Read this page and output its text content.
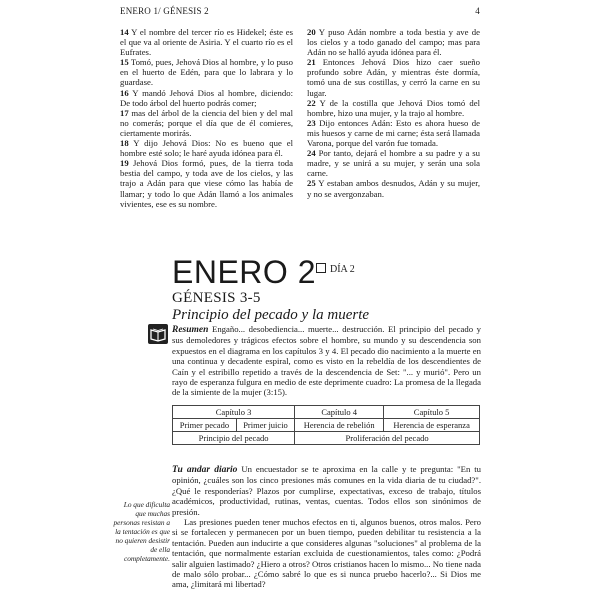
ENERO 1/ GÉNESIS 2	4

14 Y el nombre del tercer río es Hidekel; éste es el que va al oriente de Asiria. Y el cuarto río es el Eufrates.

15 Tomó, pues, Jehová Dios al hombre, y lo puso en el huerto de Edén, para que lo labrara y lo guardase.

16 Y mandó Jehová Dios al hombre, diciendo: De todo árbol del huerto podrás comer;

17 mas del árbol de la ciencia del bien y del mal no comerás; porque el día que de él comieres, ciertamente morirás.

18 Y dijo Jehová Dios: No es bueno que el hombre esté solo; le haré ayuda idónea para él.

19 Jehová Dios formó, pues, de la tierra toda bestia del campo, y toda ave de los cielos, y las trajo a Adán para que viese cómo las había de llamar; y todo lo que Adán llamó a los animales vivientes, ese es su nombre.

20 Y puso Adán nombre a toda bestia y ave de los cielos y a todo ganado del campo; mas para Adán no se halló ayuda idónea para él.

21 Entonces Jehová Dios hizo caer sueño profundo sobre Adán, y mientras éste dormía, tomó una de sus costillas, y cerró la carne en su lugar.

22 Y de la costilla que Jehová Dios tomó del hombre, hizo una mujer, y la trajo al hombre.

23 Dijo entonces Adán: Esto es ahora hueso de mis huesos y carne de mi carne; ésta será llamada Varona, porque del varón fue tomada.

24 Por tanto, dejará el hombre a su padre y a su madre, y se unirá a su mujer, y serán una sola carne.

25 Y estaban ambos desnudos, Adán y su mujer, y no se avergonzaban.

ENERO 2	DÍA 2
GÉNESIS 3-5
Principio del pecado y la muerte
Resumen Engaño... desobediencia... muerte... destrucción. El principio del pecado y sus demoledores y trágicos efectos sobre el hombre, su mundo y su descendencia son expuestos en el diagrama en los capítulos 3 y 4. El pecado dio nacimiento a la muerte en una continua y decadente espiral, como es visto en la rebeldía de los descendientes de Caín y el estribillo repetido a través de la descendencia de Set: "... y murió". Pero un rayo de esperanza fulgura en medio de este deprimente cuadro: La promesa de la llegada de la simiente de la mujer (3:15).
Capítulo 3		Capítulo 4	Capítulo 5
Primer pecado	Primer juicio	Herencia de rebelión	Herencia de esperanza
Principio del pecado		Proliferación del pecado	

Tu andar diario Un encuestador se te aproxima en la calle y te pregunta: "En tu opinión, ¿cuáles son los cinco presiones más comunes en la vida diaria de tu ciudad?". ¿Qué le responderías? Plazos por cumplirse, expectativas, exceso de trabajo, títulos académicos, productividad, rutinas, ventas, cuentas. Todos ellos son sinónimos de presión.

Las presiones pueden tener muchos efectos en ti, algunos buenos, otros malos. Pero si se fortalecen y permanecen por un buen tiempo, pueden debilitar tu resistencia a la tentación. Pueden aun inducirte a que consideres algunas "soluciones" al problema de la tentación, que normalmente estarían excluida de cuestionamientos, tales como: ¿Podrá salir alguien lastimado? ¿Hiero a otros? Otros cristianos hacen lo mismo... No tiene nada de malo sólo probar... ¿Cómo sabré lo que es si nunca pruebo hacerlo?... Si Dios me ama, ¿limitará mi libertad?

Lo que dificulta que muchas personas resistan a la tentación es que no quieren desistir de ella completamente.
